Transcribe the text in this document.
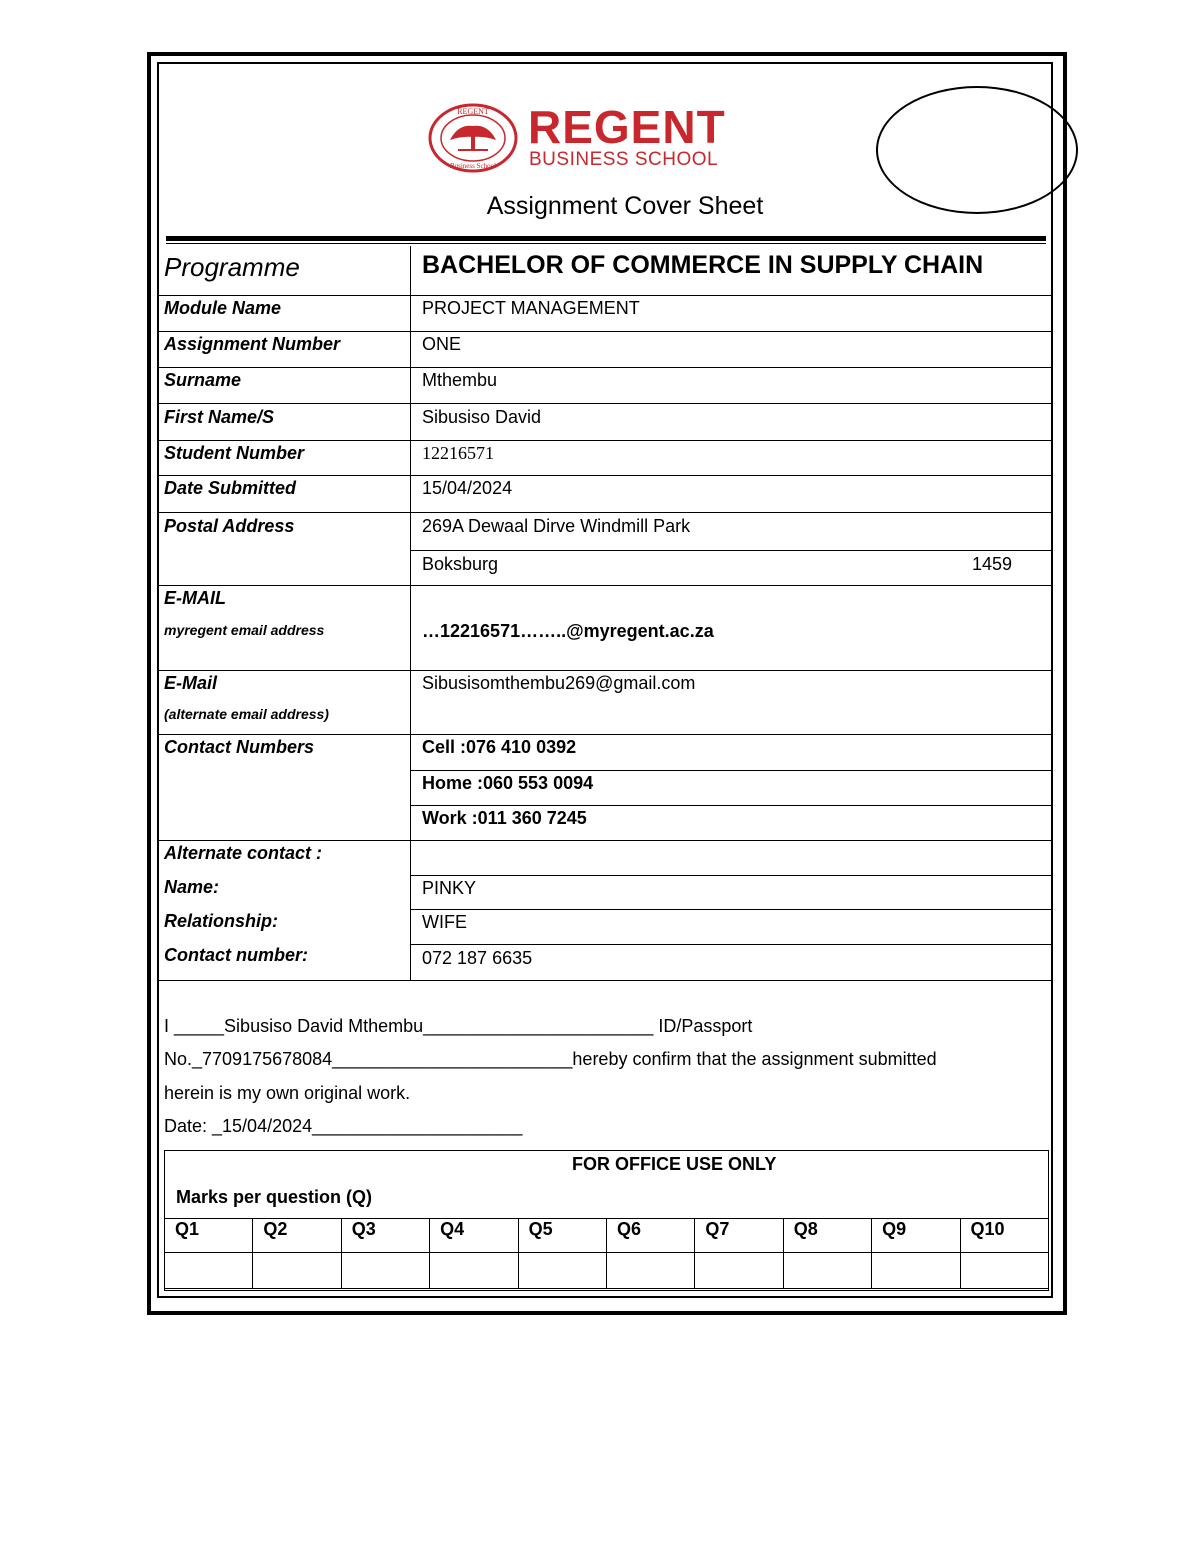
REGENT
Business School
REGENT
BUSINESS SCHOOL
Assignment Cover Sheet
Programme	BACHELOR OF COMMERCE IN SUPPLY CHAIN
Module Name	PROJECT MANAGEMENT
Assignment Number	ONE
Surname	Mthembu
First Name/S	Sibusiso David
Student Number	12216571
Date Submitted	15/04/2024
Postal Address	269A Dewaal Dirve Windmill Park
Boksburg	1459
E-MAIL
myregent email address	…12216571……..@myregent.ac.za
E-Mail
(alternate email address)
Sibusisomthembu269@gmail.com
Contact Numbers	Cell :076 410 0392
Home :060 553 0094
Work :011 360 7245
Alternate contact :
Name:	PINKY
Relationship:	WIFE
Contact number:	072 187 6635
I _____Sibusiso David Mthembu_______________________ ID/Passport
No._7709175678084________________________hereby confirm that the assignment submitted
herein is my own original work.
Date: _15/04/2024_____________________
FOR OFFICE USE ONLY
Marks per question (Q)
Q1	Q2	Q3	Q4	Q5	Q6	Q7	Q8	Q9	Q10
